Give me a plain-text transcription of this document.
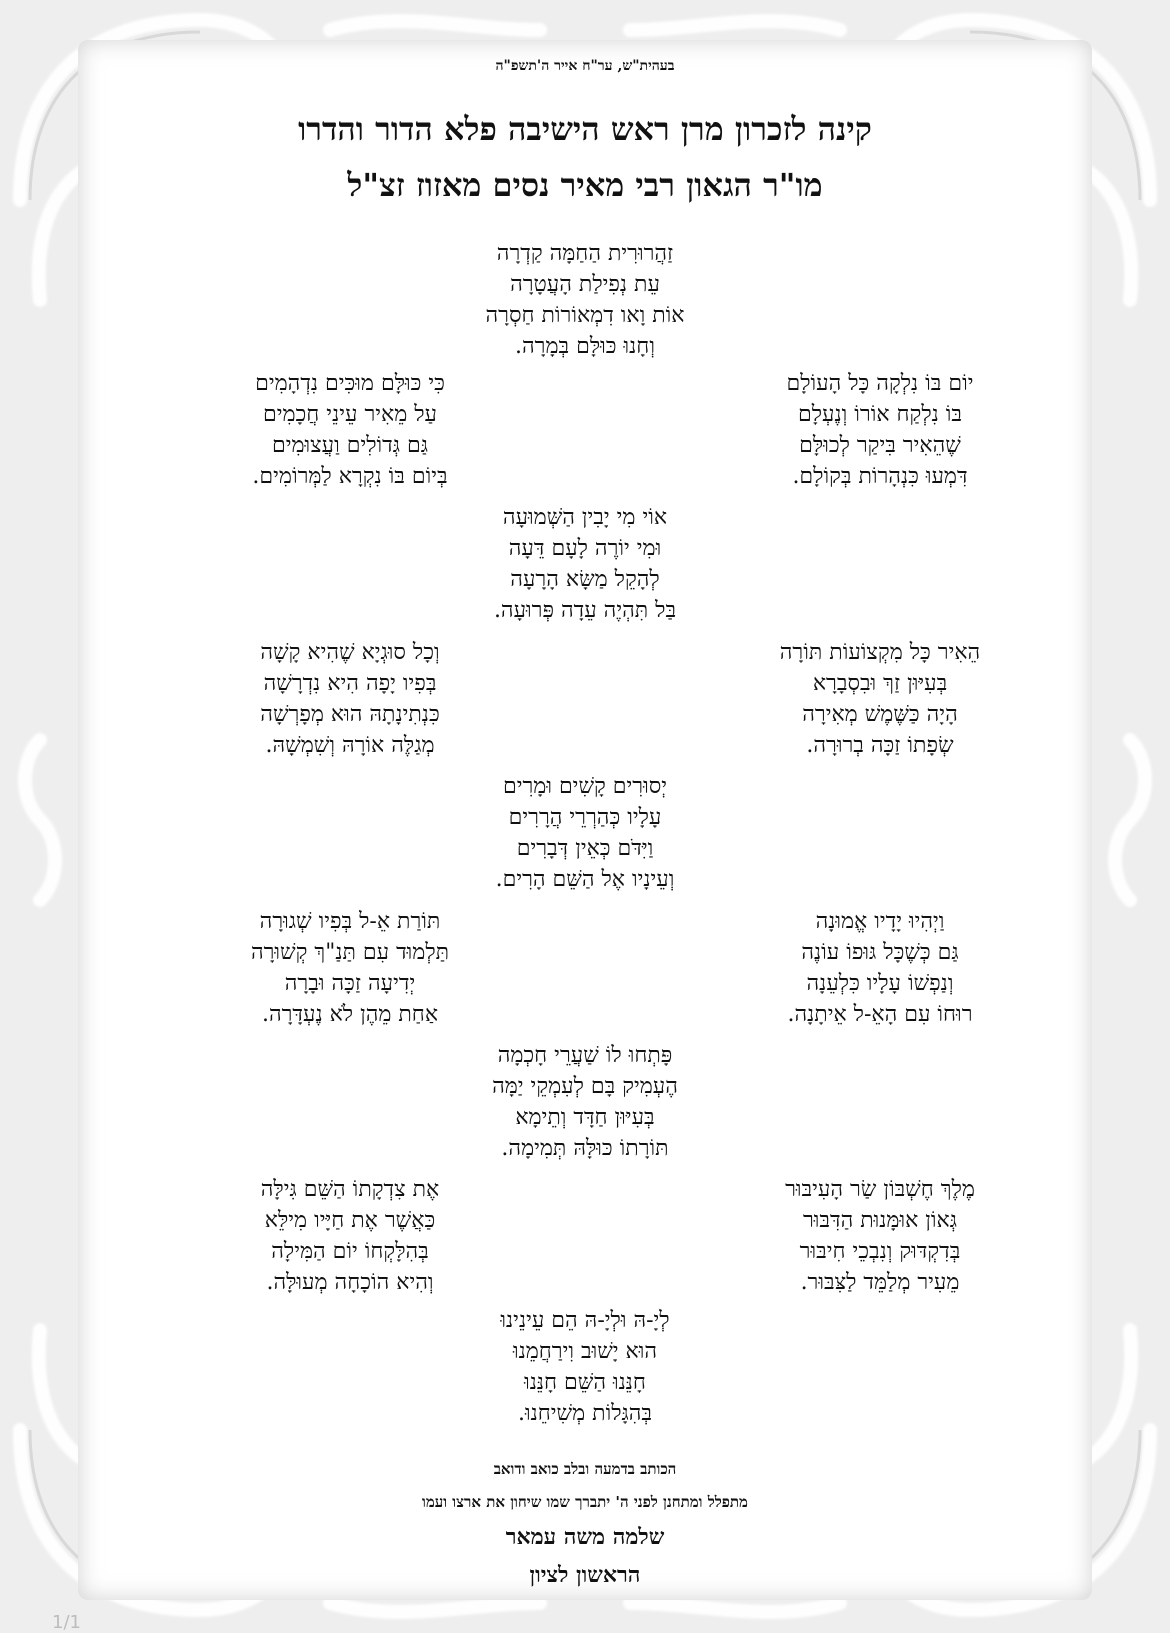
בעהית"ש, ער"ח אייר ה'תשפ"ה
קינה לזכרון מרן ראש הישיבה פלא הדור והדרו
מו"ר הגאון רבי מאיר נסים מאזוז זצ"ל
זַהֲרוּרִית הַחַמָּה קַדְרָה
עֵת נְפִילַת הָעֲטָרָה
אוֹת וָאו דִמְאוֹרוֹת חַסְרָה
וְחָנוּ כּוּלָּם בְּמָרָה.
יוֹם בּוֹ נִלְקָה כָּל הָעוֹלָם
בּוֹ נִלְקַח אוֹרוֹ וְנֶעְלָם
שֶׁהֵאִיר בִּיקַר לְכוּלָּם
דִּמְעוּ כִּנְהָרוֹת בְּקוֹלָם.
כִּי כּוּלָּם מוּכִּים נִדְהָמִים
עַל מֵאִיר עֵינֵי חֲכָמִים
גַּם גְּדוֹלִים וַעֲצוּמִים
בְּיוֹם בּוֹ נִקְרָא לַמְּרוֹמִים.
אוֹי מִי יָבִין הַשְּׁמוּעָה
וּמִי יוֹרֶה לָעָם דֵּעָה
לְהָקֵל מַשָּׂא הָרָעָה
בַּל תִּהְיֶה עֵדָה פְּרוּעָה.
הֵאִיר כָּל מִקְצוֹעוֹת תּוֹרָה
בְּעִיּוּן זַךְ וּבִסְבָרָא
הָיָה כַּשֶּׁמֶשׁ מְאִירָה
שְׂפָתוֹ זַכָּה בְרוּרָה.
וְכָל סוּגְיָא שֶׁהִיא קָשָׁה
בְּפִיו יָפָה הִיא נִדְרָשָׁה
כִּנְתִינָתָהּ הוּא מְפָרְשָׁה
מְגַלֶּה אוֹרָהּ וְשִׁמְשָׁהּ.
יְסוּרִים קָשִׁים וּמָרִים
עָלָיו כְּהַרְרֵי הֲרָרִים
וַיִּדֹּם כְּאֵין דְּבָרִים
וְעֵינָיו אֶל הַשֵּׁם הָרִים.
וַיְהִיוּ יָדָיו אֱמוּנָה
גַּם כְּשֶׁכָּל גּוּפוֹ עוֹנֶה
וְנַפְשׁוֹ עָלָיו כִּלְעֵנָה
רוּחוֹ עִם הָאֵ-ל אֵיתָנָה.
תּוֹרַת אֵ-ל בְּפִיו שְׁגוּרָה
תַּלְמוּד עִם תַּנַ"ךְ קְשׁוּרָה
יְדִיעָה זַכָּה וּבָרָה
אַחַת מֵהֶן לֹא נֶעְדָּרָה.
פָּתְחוּ לוֹ שַׁעֲרֵי חָכְמָה
הֶעְמִיק בָּם לְעִמְקֵי יַמָּה
בְּעִיּוּן חַדָּד וְתֵימָא
תּוֹרָתוֹ כּוּלָּהּ תְּמִימָה.
מֶלֶךְ חֶשְׁבּוֹן שַׂר הָעִיבּוּר
גְּאוֹן אוּמָּנוּת הַדִּבּוּר
בְּדִקְדּוּק וְנִבְכֵי חִיבּוּר
מֵעִיר מְלַמֵּד לַצִּבּוּר.
אֶת צִדְקָתוֹ הַשֵּׁם גִּילָּה
כַּאֲשֶׁר אֶת חַיָּיו מִילֵּא
בְּהִלָּקְחוֹ יוֹם הַמִּילָה
וְהִיא הוֹכָחָה מְעוּלָּה.
לְיָ-הּ וּלְיָ-הּ הֵם עֵינֵינוּ
הוּא יָשׁוּב וִירַחֲמֵנוּ
חָנֵּנוּ הַשֵּׁם חָנֵּנוּ
בְּהִגָּלוֹת מְשִׁיחֵנוּ.
הכותב בדמעה ובלב כואב ודואב
מתפלל ומתחנן לפני ה' יתברך שמו שיחון את ארצו ועמו
שלמה משה עמאר
הראשון לציון
1/1
